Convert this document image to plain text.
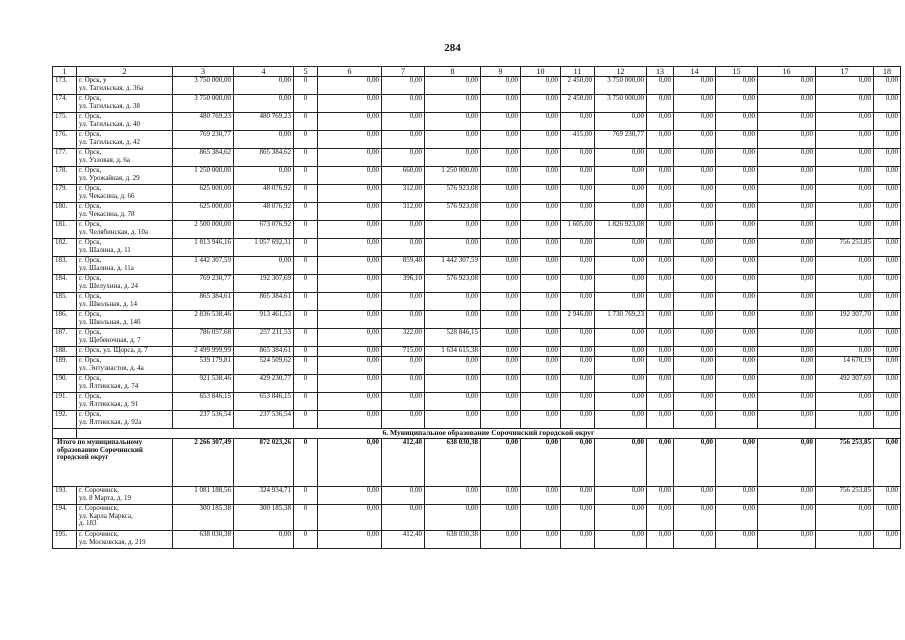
284
1	2	3	4	5	6	7	8	9	10	11	12	13	14	15	16	17	18
173.	г. Орск, у
ул. Тагильская, д. 36а	3 750 000,00	0,00	0	0,00	0,00	0,00	0,00	0,00	2 450,00	3 750 000,00	0,00	0,00	0,00	0,00	0,00	0,00
174.	г. Орск,
ул. Тагильская, д. 38	3 750 000,00	0,00	0	0,00	0,00	0,00	0,00	0,00	2 450,00	3 750 000,00	0,00	0,00	0,00	0,00	0,00	0,00
175.	г. Орск,
ул. Тагильская, д. 40	480 769,23	480 769,23	0	0,00	0,00	0,00	0,00	0,00	0,00	0,00	0,00	0,00	0,00	0,00	0,00	0,00
176.	г. Орск,
ул. Тагильская, д. 42	769 230,77	0,00	0	0,00	0,00	0,00	0,00	0,00	415,00	769 230,77	0,00	0,00	0,00	0,00	0,00	0,00
177.	г. Орск,
ул. Узловая, д. 6а	865 384,62	865 384,62	0	0,00	0,00	0,00	0,00	0,00	0,00	0,00	0,00	0,00	0,00	0,00	0,00	0,00
178.	г. Орск,
ул. Урожайная, д. 29	1 250 000,00	0,00	0	0,00	660,00	1 250 000,00	0,00	0,00	0,00	0,00	0,00	0,00	0,00	0,00	0,00	0,00
179.	г. Орск,
ул. Чекасина, д. 66	625 000,00	48 076,92	0	0,00	312,00	576 923,08	0,00	0,00	0,00	0,00	0,00	0,00	0,00	0,00	0,00	0,00
180.	г. Орск,
ул. Чекасина, д. 78	625 000,00	48 076,92	0	0,00	312,00	576 923,08	0,00	0,00	0,00	0,00	0,00	0,00	0,00	0,00	0,00	0,00
181.	г. Орск,
ул. Челябинская, д. 10а	2 500 000,00	673 076,92	0	0,00	0,00	0,00	0,00	0,00	1 605,00	1 826 923,08	0,00	0,00	0,00	0,00	0,00	0,00
182.	г. Орск,
ул. Шалина, д. 11	1 813 946,16	1 057 692,31	0	0,00	0,00	0,00	0,00	0,00	0,00	0,00	0,00	0,00	0,00	0,00	756 253,85	0,00
183.	г. Орск,
ул. Шалина, д. 11а	1 442 307,59	0,00	0	0,00	859,40	1 442 307,59	0,00	0,00	0,00	0,00	0,00	0,00	0,00	0,00	0,00	0,00
184.	г. Орск,
ул. Шелухина, д. 24	769 230,77	192 307,69	0	0,00	396,10	576 923,08	0,00	0,00	0,00	0,00	0,00	0,00	0,00	0,00	0,00	0,00
185.	г. Орск,
ул. Школьная, д. 14	865 384,61	865 384,61	0	0,00	0,00	0,00	0,00	0,00	0,00	0,00	0,00	0,00	0,00	0,00	0,00	0,00
186.	г. Орск,
ул. Школьная, д. 14б	2 836 538,46	913 461,53	0	0,00	0,00	0,00	0,00	0,00	2 946,00	1 730 769,23	0,00	0,00	0,00	0,00	192 307,70	0,00
187.	г. Орск,
ул. Щебеночная, д. 7	786 057,68	257 211,53	0	0,00	322,00	528 846,15	0,00	0,00	0,00	0,00	0,00	0,00	0,00	0,00	0,00	0,00
188.	г. Орск, ул. Щорса, д. 7	2 499 999,99	865 384,61	0	0,00	715,00	1 634 615,38	0,00	0,00	0,00	0,00	0,00	0,00	0,00	0,00	0,00	0,00
189.	г. Орск,
ул. Энтузиастов, д. 4а	539 179,81	524 509,62	0	0,00	0,00	0,00	0,00	0,00	0,00	0,00	0,00	0,00	0,00	0,00	14 670,19	0,00
190.	г. Орск,
ул. Ялтинская, д. 74	921 538,46	429 230,77	0	0,00	0,00	0,00	0,00	0,00	0,00	0,00	0,00	0,00	0,00	0,00	492 307,69	0,00
191.	г. Орск,
ул. Ялтинская, д. 91	653 846,15	653 846,15	0	0,00	0,00	0,00	0,00	0,00	0,00	0,00	0,00	0,00	0,00	0,00	0,00	0,00
192.	г. Орск,
ул. Ялтинская, д. 92а	237 536,54	237 536,54	0	0,00	0,00	0,00	0,00	0,00	0,00	0,00	0,00	0,00	0,00	0,00	0,00	0,00
	6. Муниципальное образование Сорочинский городской округ																
Итого по муниципальному образованию Сорочинский городской округ		2 266 307,49	872 023,26	0	0,00	412,40	638 030,38	0,00	0,00	0,00	0,00	0,00	0,00	0,00	0,00	756 253,85	0,00
193.	г. Сорочинск,
ул. 8 Марта, д. 19	1 081 188,56	324 934,71	0	0,00	0,00	0,00	0,00	0,00	0,00	0,00	0,00	0,00	0,00	0,00	756 253,85	0,00
194.	г. Сорочинск,
ул. Карла Маркса,
д. 183	300 185,38	300 185,38	0	0,00	0,00	0,00	0,00	0,00	0,00	0,00	0,00	0,00	0,00	0,00	0,00	0,00
195.	г. Сорочинск,
ул. Московская, д. 219	638 030,38	0,00	0	0,00	412,40	638 030,38	0,00	0,00	0,00	0,00	0,00	0,00	0,00	0,00	0,00	0,00
